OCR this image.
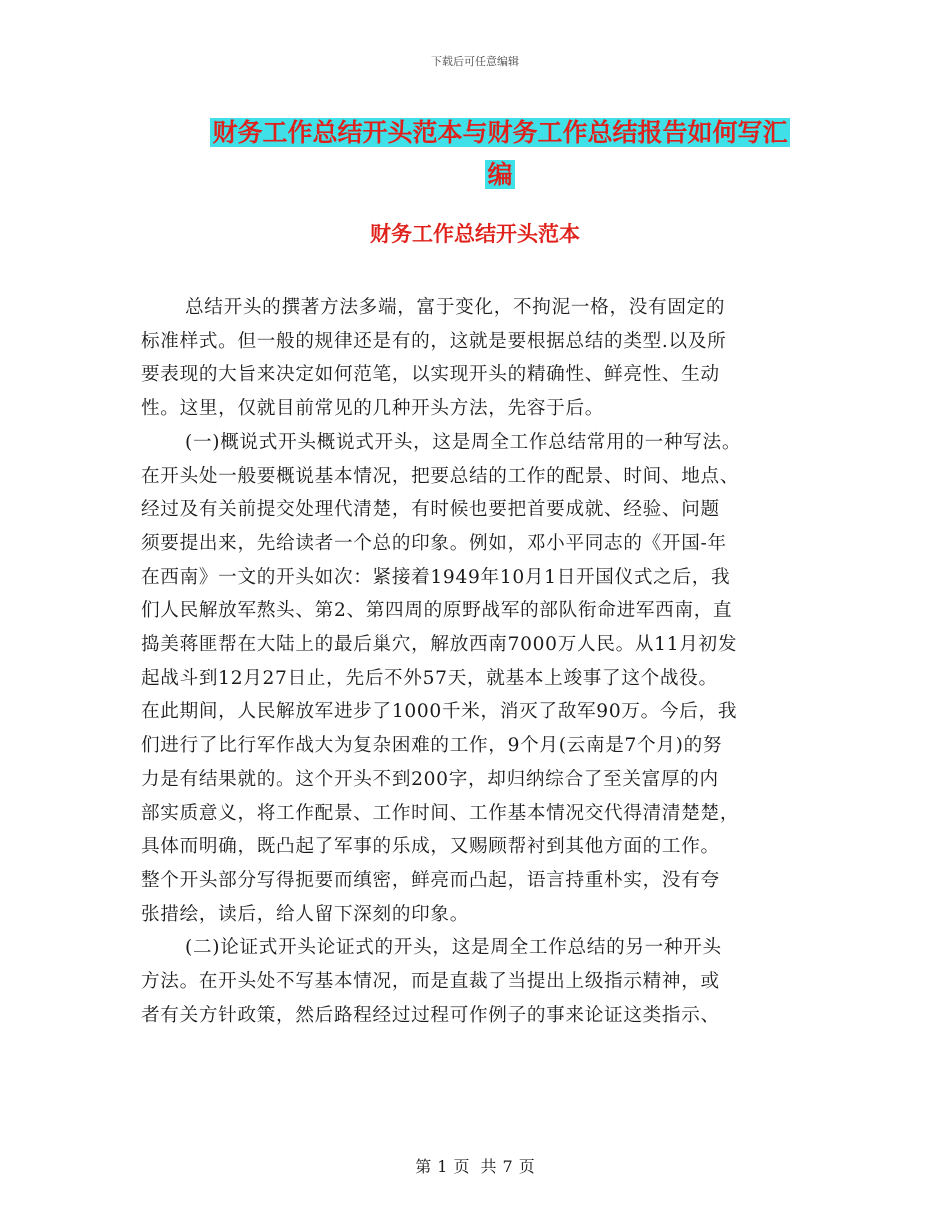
下载后可任意编辑
财务工作总结开头范本与财务工作总结报告如何写汇
编
财务工作总结开头范本
总结开头的撰著方法多端，富于变化，不拘泥一格，没有固定的
标准样式。但一般的规律还是有的，这就是要根据总结的类型.以及所
要表现的大旨来决定如何范笔，以实现开头的精确性、鲜亮性、生动
性。这里，仅就目前常见的几种开头方法，先容于后。
(一)概说式开头概说式开头，这是周全工作总结常用的一种写法。
在开头处一般要概说基本情况，把要总结的工作的配景、时间、地点、
经过及有关前提交处理代清楚，有时候也要把首要成就、经验、问题
须要提出来，先给读者一个总的印象。例如，邓小平同志的《开国-年
在西南》一文的开头如次：紧接着1949年10月1日开国仪式之后，我
们人民解放军熬头、第2、第四周的原野战军的部队衔命进军西南，直
捣美蒋匪帮在大陆上的最后巢穴，解放西南7000万人民。从11月初发
起战斗到12月27日止，先后不外57天，就基本上竣事了这个战役。
在此期间，人民解放军进步了1000千米，消灭了敌军90万。今后，我
们进行了比行军作战大为复杂困难的工作，9个月(云南是7个月)的努
力是有结果就的。这个开头不到200字，却归纳综合了至关富厚的内
部实质意义，将工作配景、工作时间、工作基本情况交代得清清楚楚，
具体而明确，既凸起了军事的乐成，又赐顾帮衬到其他方面的工作。
整个开头部分写得扼要而缜密，鲜亮而凸起，语言持重朴实，没有夸
张措绘，读后，给人留下深刻的印象。
(二)论证式开头论证式的开头，这是周全工作总结的另一种开头
方法。在开头处不写基本情况，而是直裁了当提出上级指示精神，或
者有关方针政策，然后路程经过过程可作例子的事来论证这类指示、
第 1 页 共 7 页
